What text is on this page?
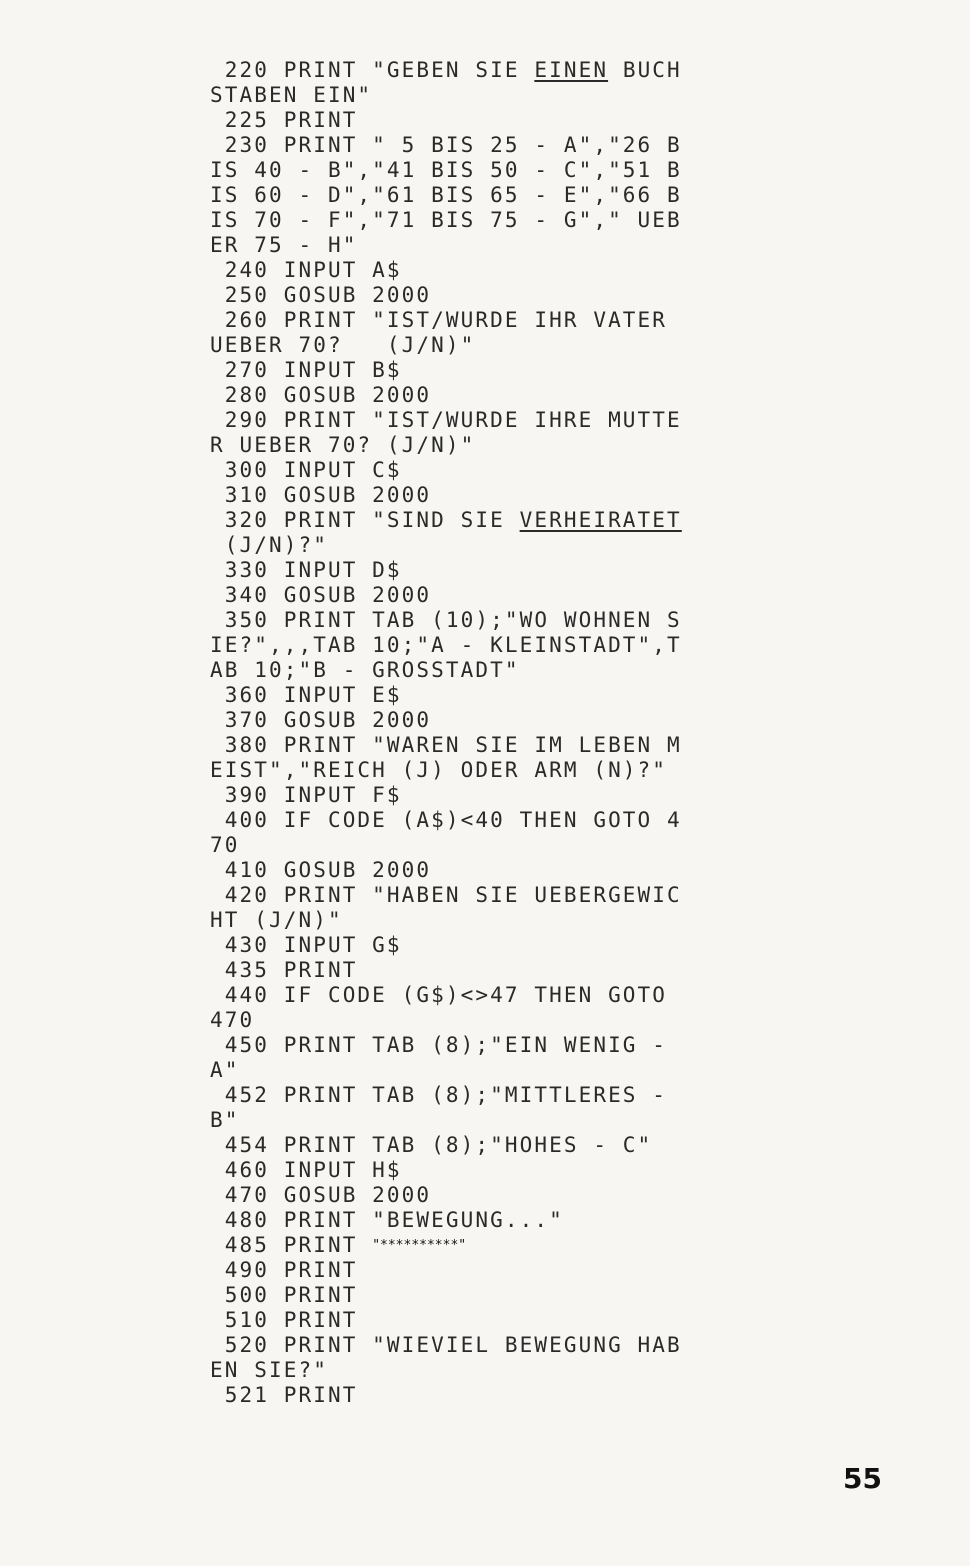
220 PRINT "GEBEN SIE EINEN BUCH
STABEN EIN"
225 PRINT
230 PRINT " 5 BIS 25 - A","26 B
IS 40 - B","41 BIS 50 - C","51 B
IS 60 - D","61 BIS 65 - E","66 B
IS 70 - F","71 BIS 75 - G"," UEB
ER 75 - H"
240 INPUT A$
250 GOSUB 2000
260 PRINT "IST/WURDE IHR VATER
UEBER 70?   (J/N)"
270 INPUT B$
280 GOSUB 2000
290 PRINT "IST/WURDE IHRE MUTTE
R UEBER 70? (J/N)"
300 INPUT C$
310 GOSUB 2000
320 PRINT "SIND SIE VERHEIRATET
(J/N)?"
330 INPUT D$
340 GOSUB 2000
350 PRINT TAB (10);"WO WOHNEN S
IE?",,,TAB 10;"A - KLEINSTADT",T
AB 10;"B - GROSSTADT"
360 INPUT E$
370 GOSUB 2000
380 PRINT "WAREN SIE IM LEBEN M
EIST","REICH (J) ODER ARM (N)?"
390 INPUT F$
400 IF CODE (A$)<40 THEN GOTO 4
70
410 GOSUB 2000
420 PRINT "HABEN SIE UEBERGEWIC
HT (J/N)"
430 INPUT G$
435 PRINT
440 IF CODE (G$)<>47 THEN GOTO
470
450 PRINT TAB (8);"EIN WENIG -
A"
452 PRINT TAB (8);"MITTLERES -
B"
454 PRINT TAB (8);"HOHES - C"
460 INPUT H$
470 GOSUB 2000
480 PRINT "BEWEGUNG..."
485 PRINT "**********"
490 PRINT
500 PRINT
510 PRINT
520 PRINT "WIEVIEL BEWEGUNG HAB
EN SIE?"
521 PRINT
55
